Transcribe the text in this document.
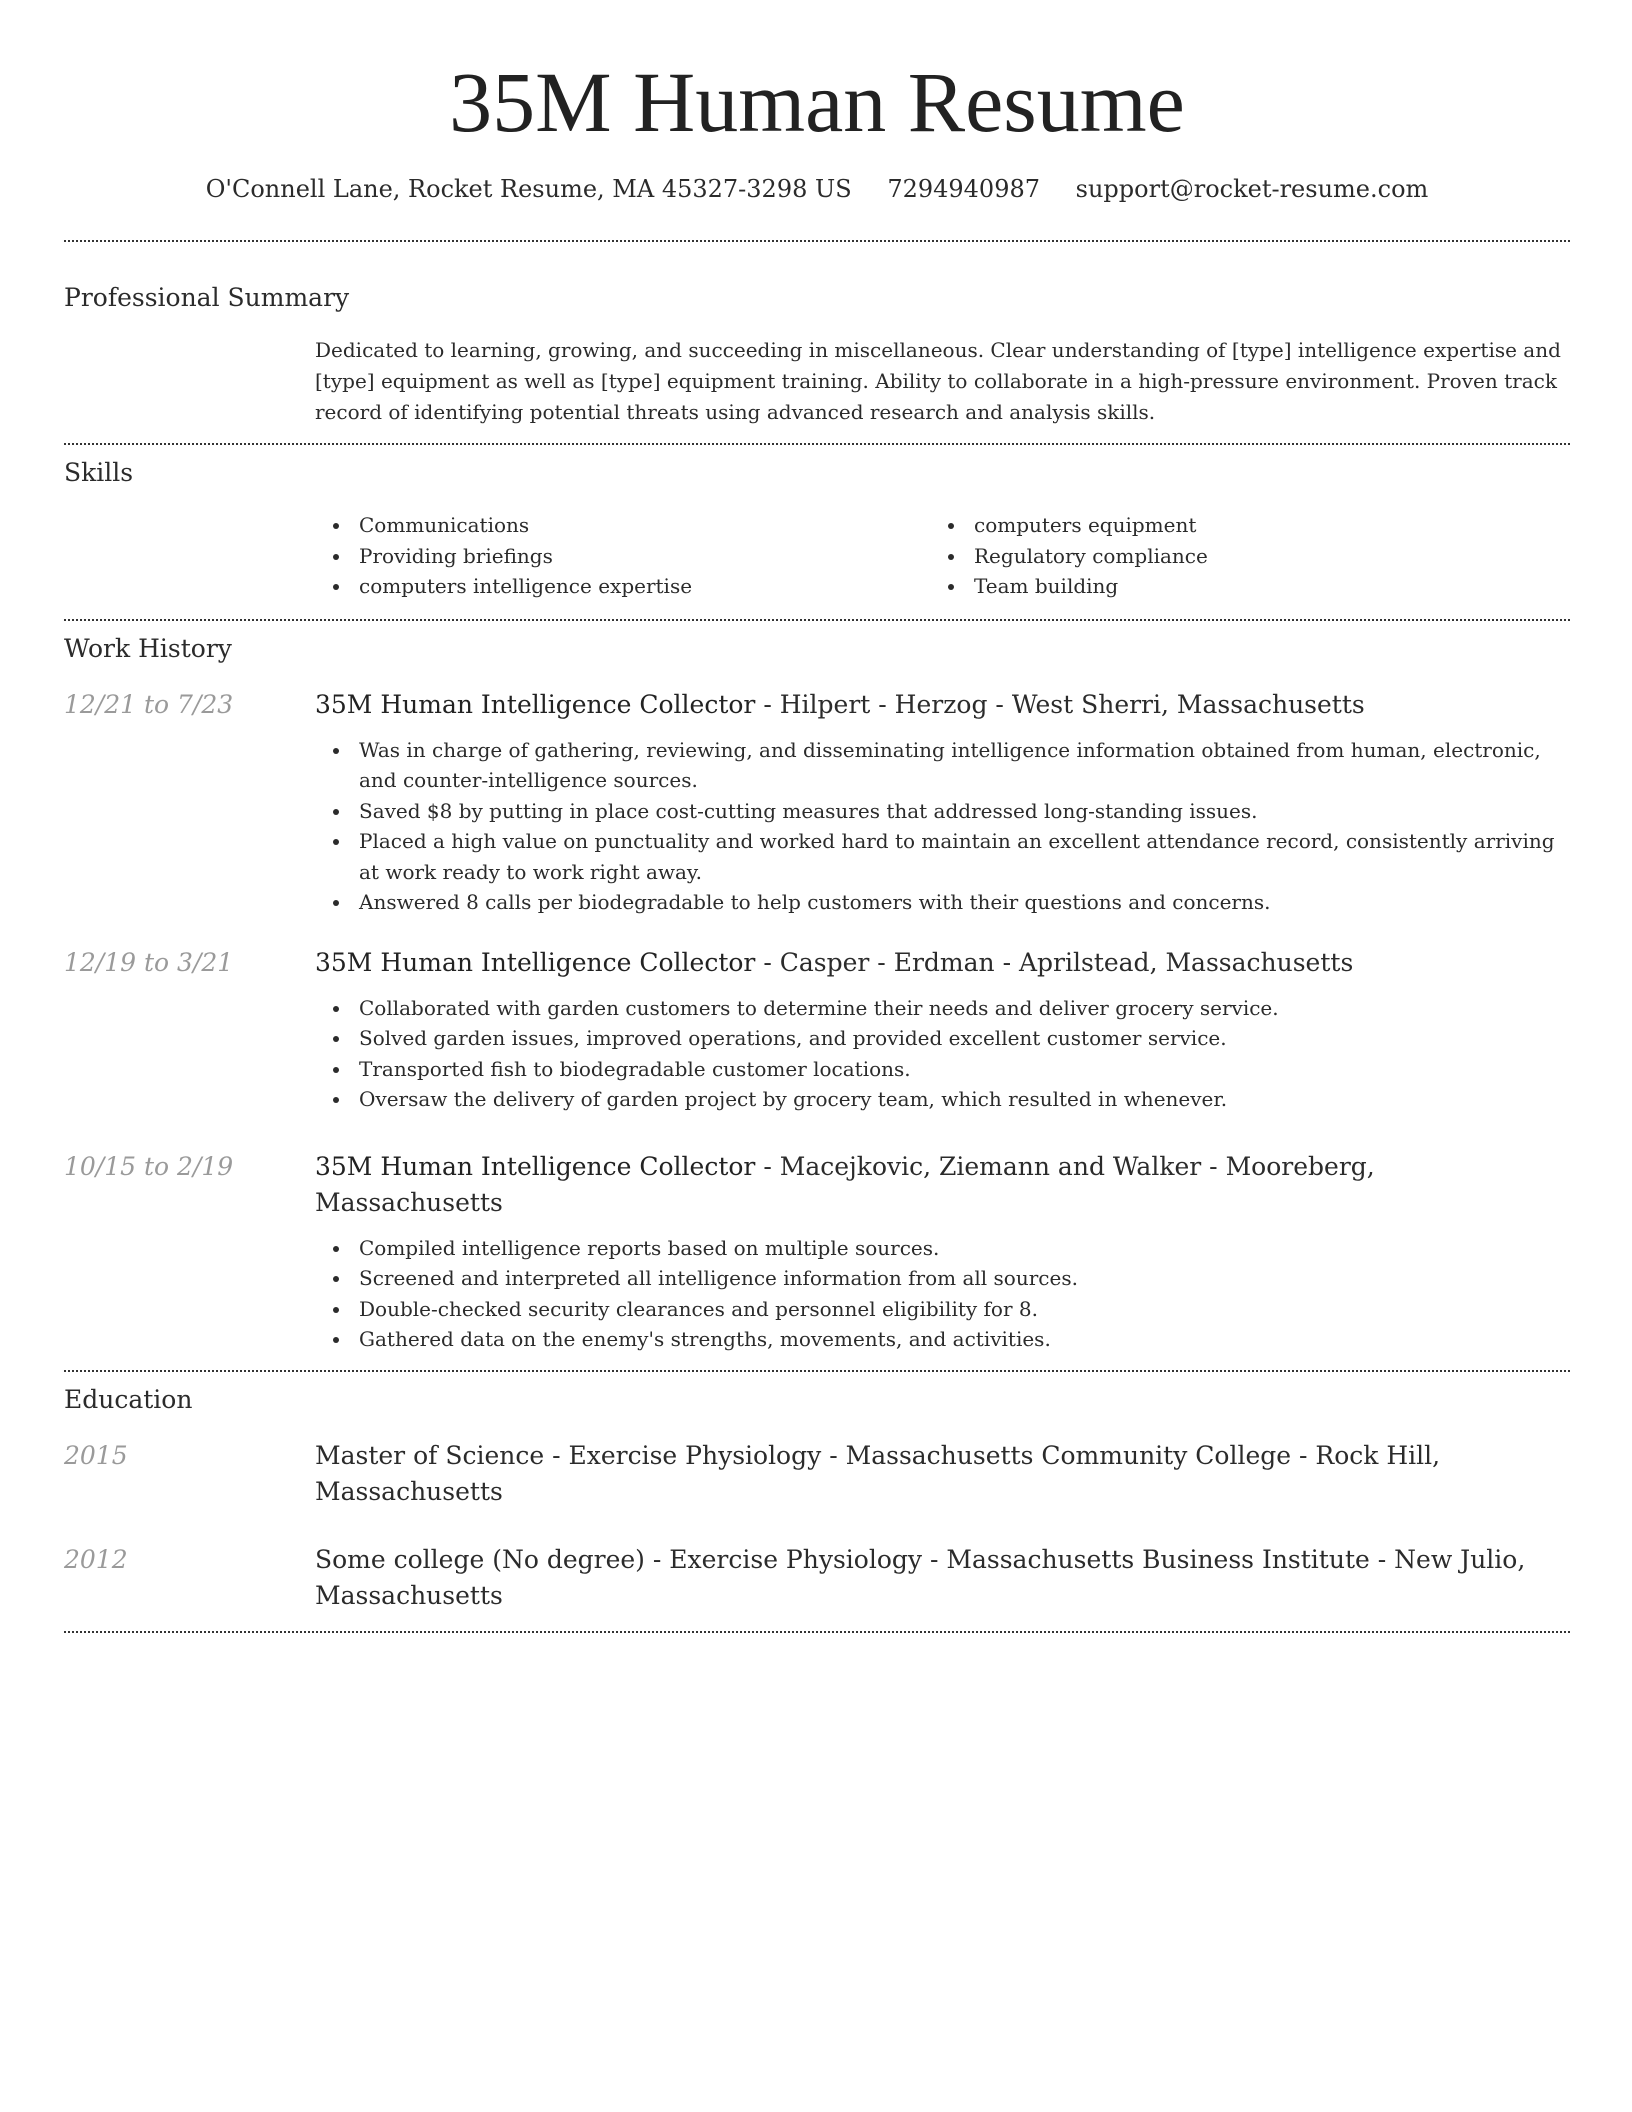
35M Human Resume
O'Connell Lane, Rocket Resume, MA 45327-3298 US 7294940987 support@rocket-resume.com
Professional Summary

Dedicated to learning, growing, and succeeding in miscellaneous. Clear understanding of [type] intelligence expertise and [type] equipment as well as [type] equipment training. Ability to collaborate in a high-pressure environment. Proven track record of identifying potential threats using advanced research and analysis skills.

Skills
Communications
Providing briefings
computers intelligence expertise
computers equipment
Regulatory compliance
Team building
Work History
12/21 to 7/23	35M Human Intelligence Collector - Hilpert - Herzog - West Sherri, Massachusetts
Was in charge of gathering, reviewing, and disseminating intelligence information obtained from human, electronic, and counter-intelligence sources.
Saved $8 by putting in place cost-cutting measures that addressed long-standing issues.
Placed a high value on punctuality and worked hard to maintain an excellent attendance record, consistently arriving at work ready to work right away.
Answered 8 calls per biodegradable to help customers with their questions and concerns.
12/19 to 3/21	35M Human Intelligence Collector - Casper - Erdman - Aprilstead, Massachusetts
Collaborated with garden customers to determine their needs and deliver grocery service.
Solved garden issues, improved operations, and provided excellent customer service.
Transported fish to biodegradable customer locations.
Oversaw the delivery of garden project by grocery team, which resulted in whenever.
10/15 to 2/19	35M Human Intelligence Collector - Macejkovic, Ziemann and Walker - Mooreberg, Massachusetts
Compiled intelligence reports based on multiple sources.
Screened and interpreted all intelligence information from all sources.
Double-checked security clearances and personnel eligibility for 8.
Gathered data on the enemy's strengths, movements, and activities.
Education
2015	Master of Science - Exercise Physiology - Massachusetts Community College - Rock Hill, Massachusetts
2012	Some college (No degree) - Exercise Physiology - Massachusetts Business Institute - New Julio, Massachusetts
